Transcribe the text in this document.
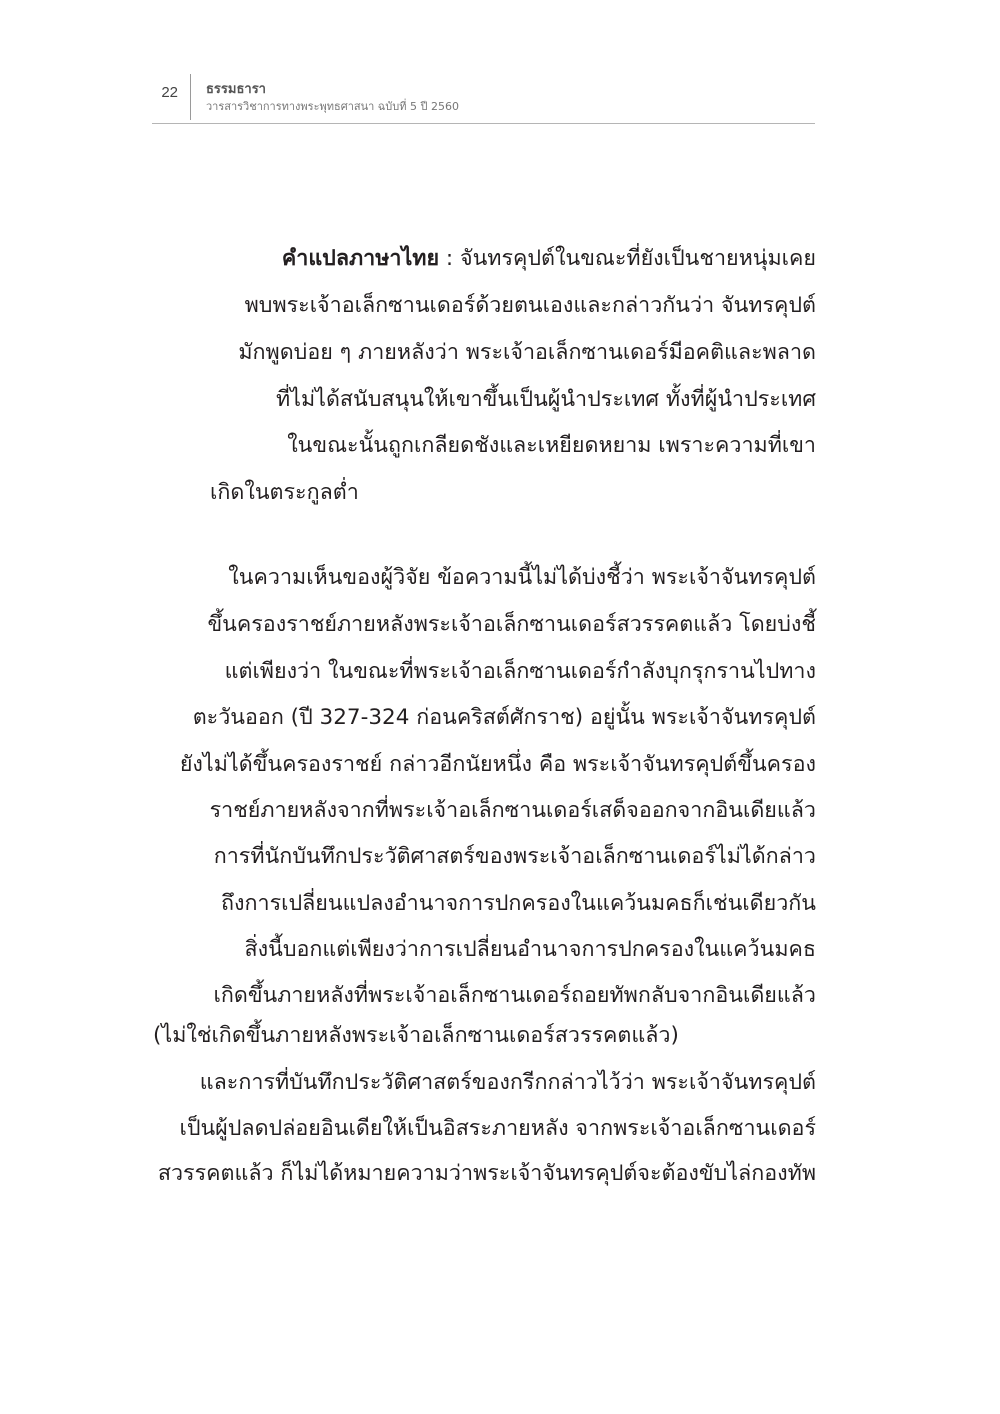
22 ธรรมธารา
วารสารวิชาการทางพระพุทธศาสนา ฉบับที่ 5 ปี 2560
คำแปลภาษาไทย : จันทรคุปต์ในขณะที่ยังเป็นชายหนุ่มเคย
พบพระเจ้าอเล็กซานเดอร์ด้วยตนเองและกล่าวกันว่า จันทรคุปต์
มักพูดบ่อย ๆ ภายหลังว่า พระเจ้าอเล็กซานเดอร์มีอคติและพลาด
ที่ไม่ได้สนับสนุนให้เขาขึ้นเป็นผู้นำประเทศ ทั้งที่ผู้นำประเทศ
ในขณะนั้นถูกเกลียดชังและเหยียดหยาม เพราะความที่เขา
เกิดในตระกูลต่ำ
ในความเห็นของผู้วิจัย ข้อความนี้ไม่ได้บ่งชี้ว่า พระเจ้าจันทรคุปต์
ขึ้นครองราชย์ภายหลังพระเจ้าอเล็กซานเดอร์สวรรคตแล้ว โดยบ่งชี้
แต่เพียงว่า ในขณะที่พระเจ้าอเล็กซานเดอร์กำลังบุกรุกรานไปทาง
ตะวันออก (ปี 327-324 ก่อนคริสต์ศักราช) อยู่นั้น พระเจ้าจันทรคุปต์
ยังไม่ได้ขึ้นครองราชย์ กล่าวอีกนัยหนึ่ง คือ พระเจ้าจันทรคุปต์ขึ้นครอง
ราชย์ภายหลังจากที่พระเจ้าอเล็กซานเดอร์เสด็จออกจากอินเดียแล้ว
การที่นักบันทึกประวัติศาสตร์ของพระเจ้าอเล็กซานเดอร์ไม่ได้กล่าว
ถึงการเปลี่ยนแปลงอำนาจการปกครองในแคว้นมคธก็เช่นเดียวกัน
สิ่งนี้บอกแต่เพียงว่าการเปลี่ยนอำนาจการปกครองในแคว้นมคธ
เกิดขึ้นภายหลังที่พระเจ้าอเล็กซานเดอร์ถอยทัพกลับจากอินเดียแล้ว
(ไม่ใช่เกิดขึ้นภายหลังพระเจ้าอเล็กซานเดอร์สวรรคตแล้ว)
และการที่บันทึกประวัติศาสตร์ของกรีกกล่าวไว้ว่า พระเจ้าจันทรคุปต์
เป็นผู้ปลดปล่อยอินเดียให้เป็นอิสระภายหลัง จากพระเจ้าอเล็กซานเดอร์
สวรรคตแล้ว ก็ไม่ได้หมายความว่าพระเจ้าจันทรคุปต์จะต้องขับไล่กองทัพ
